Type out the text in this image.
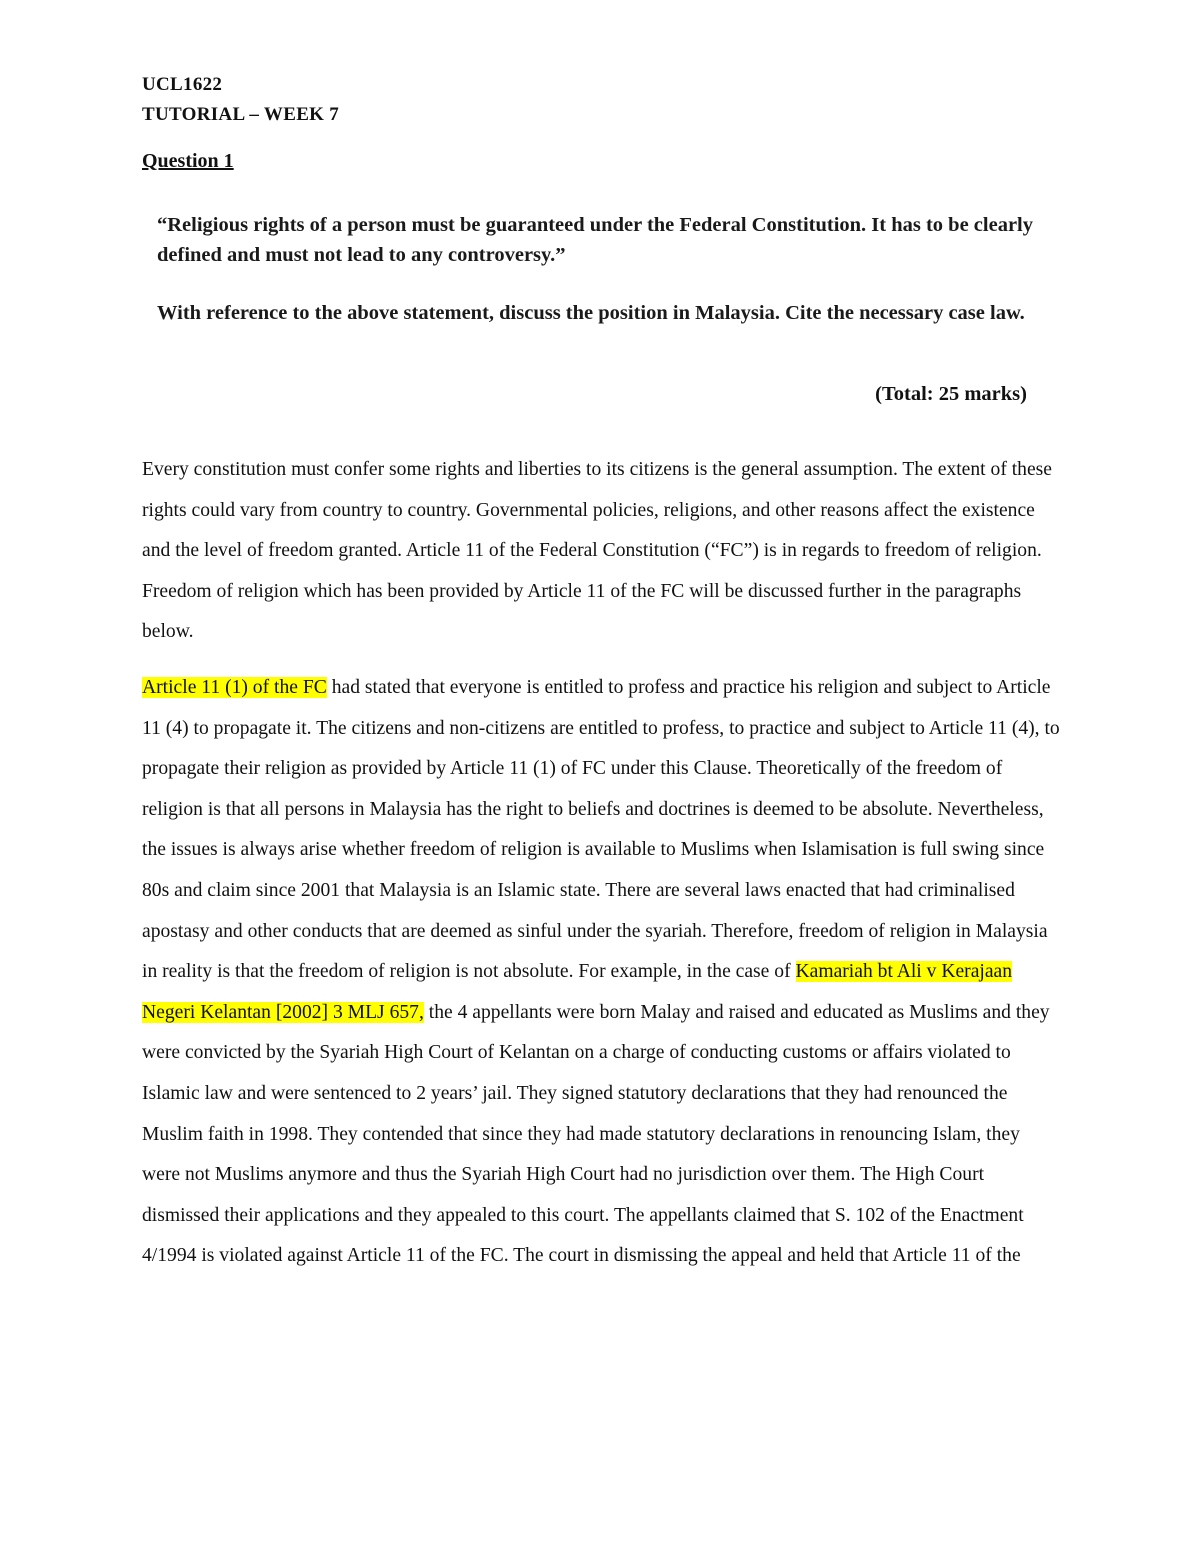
UCL1622
TUTORIAL – WEEK 7
Question 1

“Religious rights of a person must be guaranteed under the Federal Constitution. It has to be clearly defined and must not lead to any controversy.”

With reference to the above statement, discuss the position in Malaysia. Cite the necessary case law.

(Total: 25 marks)

Every constitution must confer some rights and liberties to its citizens is the general assumption. The extent of these rights could vary from country to country. Governmental policies, religions, and other reasons affect the existence and the level of freedom granted. Article 11 of the Federal Constitution (“FC”) is in regards to freedom of religion. Freedom of religion which has been provided by Article 11 of the FC will be discussed further in the paragraphs below.

Article 11 (1) of the FC had stated that everyone is entitled to profess and practice his religion and subject to Article 11 (4) to propagate it. The citizens and non-citizens are entitled to profess, to practice and subject to Article 11 (4), to propagate their religion as provided by Article 11 (1) of FC under this Clause. Theoretically of the freedom of religion is that all persons in Malaysia has the right to beliefs and doctrines is deemed to be absolute. Nevertheless, the issues is always arise whether freedom of religion is available to Muslims when Islamisation is full swing since 80s and claim since 2001 that Malaysia is an Islamic state. There are several laws enacted that had criminalised apostasy and other conducts that are deemed as sinful under the syariah. Therefore, freedom of religion in Malaysia in reality is that the freedom of religion is not absolute. For example, in the case of Kamariah bt Ali v Kerajaan Negeri Kelantan [2002] 3 MLJ 657, the 4 appellants were born Malay and raised and educated as Muslims and they were convicted by the Syariah High Court of Kelantan on a charge of conducting customs or affairs violated to Islamic law and were sentenced to 2 years’ jail. They signed statutory declarations that they had renounced the Muslim faith in 1998. They contended that since they had made statutory declarations in renouncing Islam, they were not Muslims anymore and thus the Syariah High Court had no jurisdiction over them. The High Court dismissed their applications and they appealed to this court. The appellants claimed that S. 102 of the Enactment 4/1994 is violated against Article 11 of the FC. The court in dismissing the appeal and held that Article 11 of the
